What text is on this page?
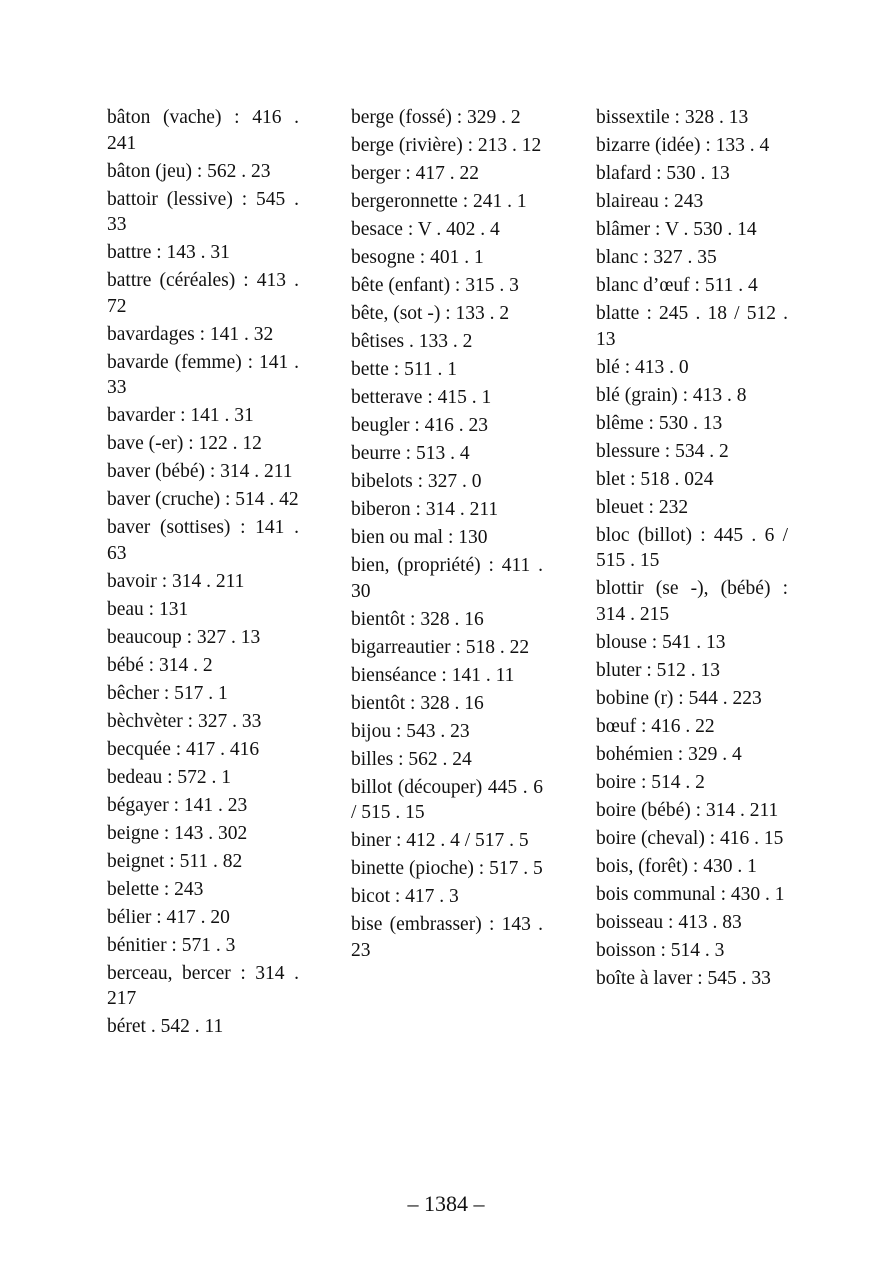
bâton (vache) : 416 . 241
bâton (jeu) : 562 . 23
battoir (lessive) : 545 . 33
battre : 143 . 31
battre (céréales) : 413 . 72
bavardages : 141 . 32
bavarde (femme) : 141 . 33
bavarder : 141 . 31
bave (-er) : 122 . 12
baver (bébé) : 314 . 211
baver (cruche) : 514 . 42
baver (sottises) : 141 . 63
bavoir : 314 . 211
beau : 131
beaucoup : 327 . 13
bébé : 314 . 2
bêcher : 517 . 1
bèchvèter : 327 . 33
becquée : 417 . 416
bedeau : 572 . 1
bégayer : 141 . 23
beigne : 143 . 302
beignet : 511 . 82
belette : 243
bélier : 417 . 20
bénitier : 571 . 3
berceau, bercer : 314 . 217
béret . 542 . 11
berge (fossé) : 329 . 2
berge (rivière) : 213 . 12
berger : 417 . 22
bergeronnette : 241 . 1
besace : V . 402 . 4
besogne : 401 . 1
bête (enfant) : 315 . 3
bête, (sot -) : 133 . 2
bêtises . 133 . 2
bette : 511 . 1
betterave : 415 . 1
beugler : 416 . 23
beurre : 513 . 4
bibelots : 327 . 0
biberon : 314 . 211
bien ou mal : 130
bien, (propriété) : 411 . 30
bientôt : 328 . 16
bigarreautier : 518 . 22
bienséance : 141 . 11
bientôt : 328 . 16
bijou : 543 . 23
billes : 562 . 24
billot (découper) 445 . 6 / 515 . 15
biner : 412 . 4 / 517 . 5
binette (pioche) : 517 . 5
bicot : 417 . 3
bise (embrasser) : 143 . 23
bissextile : 328 . 13
bizarre (idée) : 133 . 4
blafard : 530 . 13
blaireau : 243
blâmer : V . 530 . 14
blanc : 327 . 35
blanc d’œuf : 511 . 4
blatte : 245 . 18 / 512 . 13
blé : 413 . 0
blé (grain) : 413 . 8
blême : 530 . 13
blessure : 534 . 2
blet : 518 . 024
bleuet : 232
bloc (billot) : 445 . 6 / 515 . 15
blottir (se -), (bébé) : 314 . 215
blouse : 541 . 13
bluter : 512 . 13
bobine (r) : 544 . 223
bœuf : 416 . 22
bohémien : 329 . 4
boire : 514 . 2
boire (bébé) : 314 . 211
boire (cheval) : 416 . 15
bois, (forêt) : 430 . 1
bois communal : 430 . 1
boisseau : 413 . 83
boisson : 514 . 3
boîte à laver : 545 . 33
– 1384 –
